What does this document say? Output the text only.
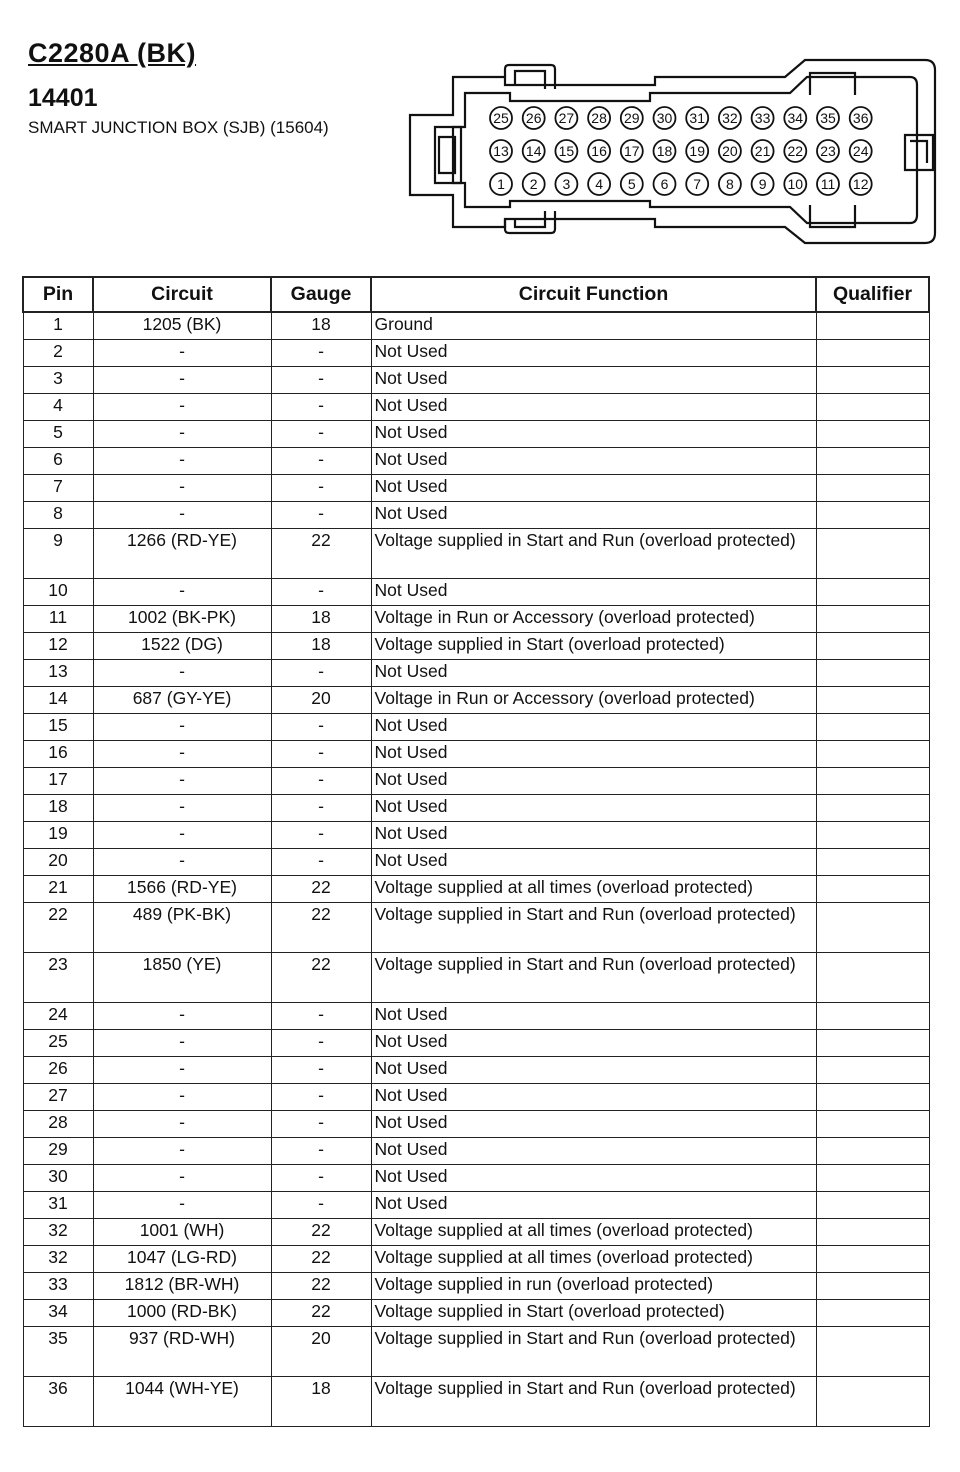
C2280A (BK)
14401
SMART JUNCTION BOX (SJB) (15604)	25 26 27 28 29 30 31 32 33 34 35 36
13 14 15 16 17 18 19 20 21 22 23 24
1 2 3 4 5 6 7 8 9 10 11 12
Pin	Circuit	Gauge	Circuit Function	Qualifier
1	1205 (BK)	18	Ground	
2	-	-	Not Used	
3	-	-	Not Used	
4	-	-	Not Used	
5	-	-	Not Used	
6	-	-	Not Used	
7	-	-	Not Used	
8	-	-	Not Used	
9	1266 (RD-YE)	22	Voltage supplied in Start and Run (overload protected)	
10	-	-	Not Used	
11	1002 (BK-PK)	18	Voltage in Run or Accessory (overload protected)	
12	1522 (DG)	18	Voltage supplied in Start (overload protected)	
13	-	-	Not Used	
14	687 (GY-YE)	20	Voltage in Run or Accessory (overload protected)	
15	-	-	Not Used	
16	-	-	Not Used	
17	-	-	Not Used	
18	-	-	Not Used	
19	-	-	Not Used	
20	-	-	Not Used	
21	1566 (RD-YE)	22	Voltage supplied at all times (overload protected)	
22	489 (PK-BK)	22	Voltage supplied in Start and Run (overload protected)	
23	1850 (YE)	22	Voltage supplied in Start and Run (overload protected)	
24	-	-	Not Used	
25	-	-	Not Used	
26	-	-	Not Used	
27	-	-	Not Used	
28	-	-	Not Used	
29	-	-	Not Used	
30	-	-	Not Used	
31	-	-	Not Used	
32	1001 (WH)	22	Voltage supplied at all times (overload protected)	
32	1047 (LG-RD)	22	Voltage supplied at all times (overload protected)	
33	1812 (BR-WH)	22	Voltage supplied in run (overload protected)	
34	1000 (RD-BK)	22	Voltage supplied in Start (overload protected)	
35	937 (RD-WH)	20	Voltage supplied in Start and Run (overload protected)	
36	1044 (WH-YE)	18	Voltage supplied in Start and Run (overload protected)	
